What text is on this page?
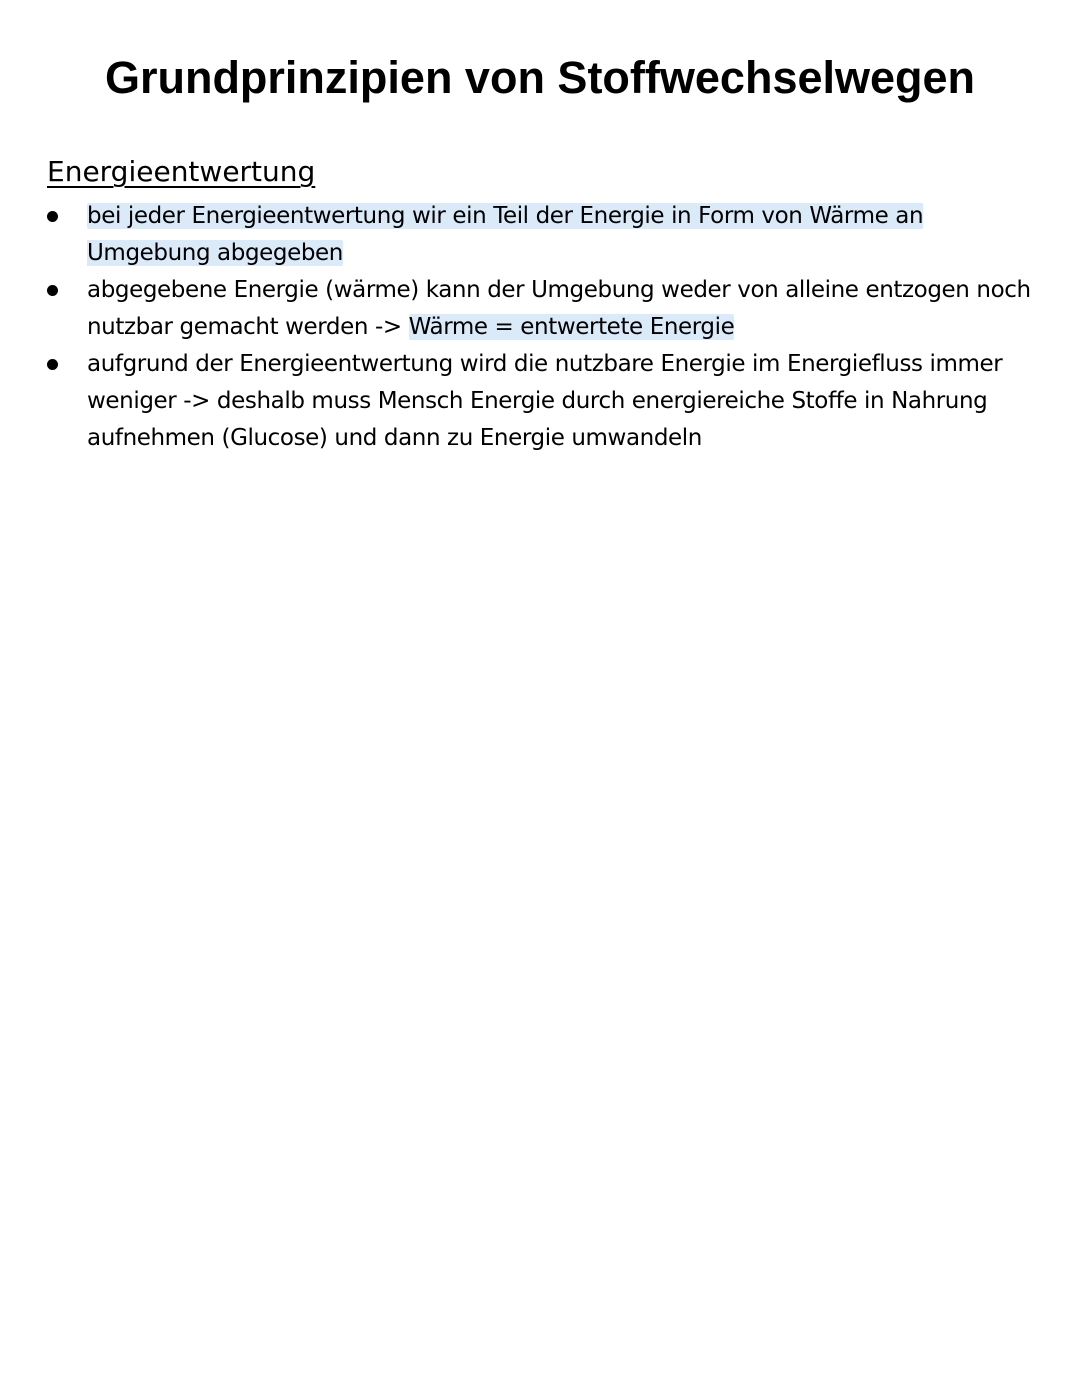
Grundprinzipien von Stoffwechselwegen
Energieentwertung
bei jeder Energieentwertung wir ein Teil der Energie in Form von Wärme an Umgebung abgegeben
abgegebene Energie (wärme) kann der Umgebung weder von alleine entzogen noch nutzbar gemacht werden -> Wärme = entwertete Energie
aufgrund der Energieentwertung wird die nutzbare Energie im Energiefluss immer weniger -> deshalb muss Mensch Energie durch energiereiche Stoffe in Nahrung aufnehmen (Glucose) und dann zu Energie umwandeln
